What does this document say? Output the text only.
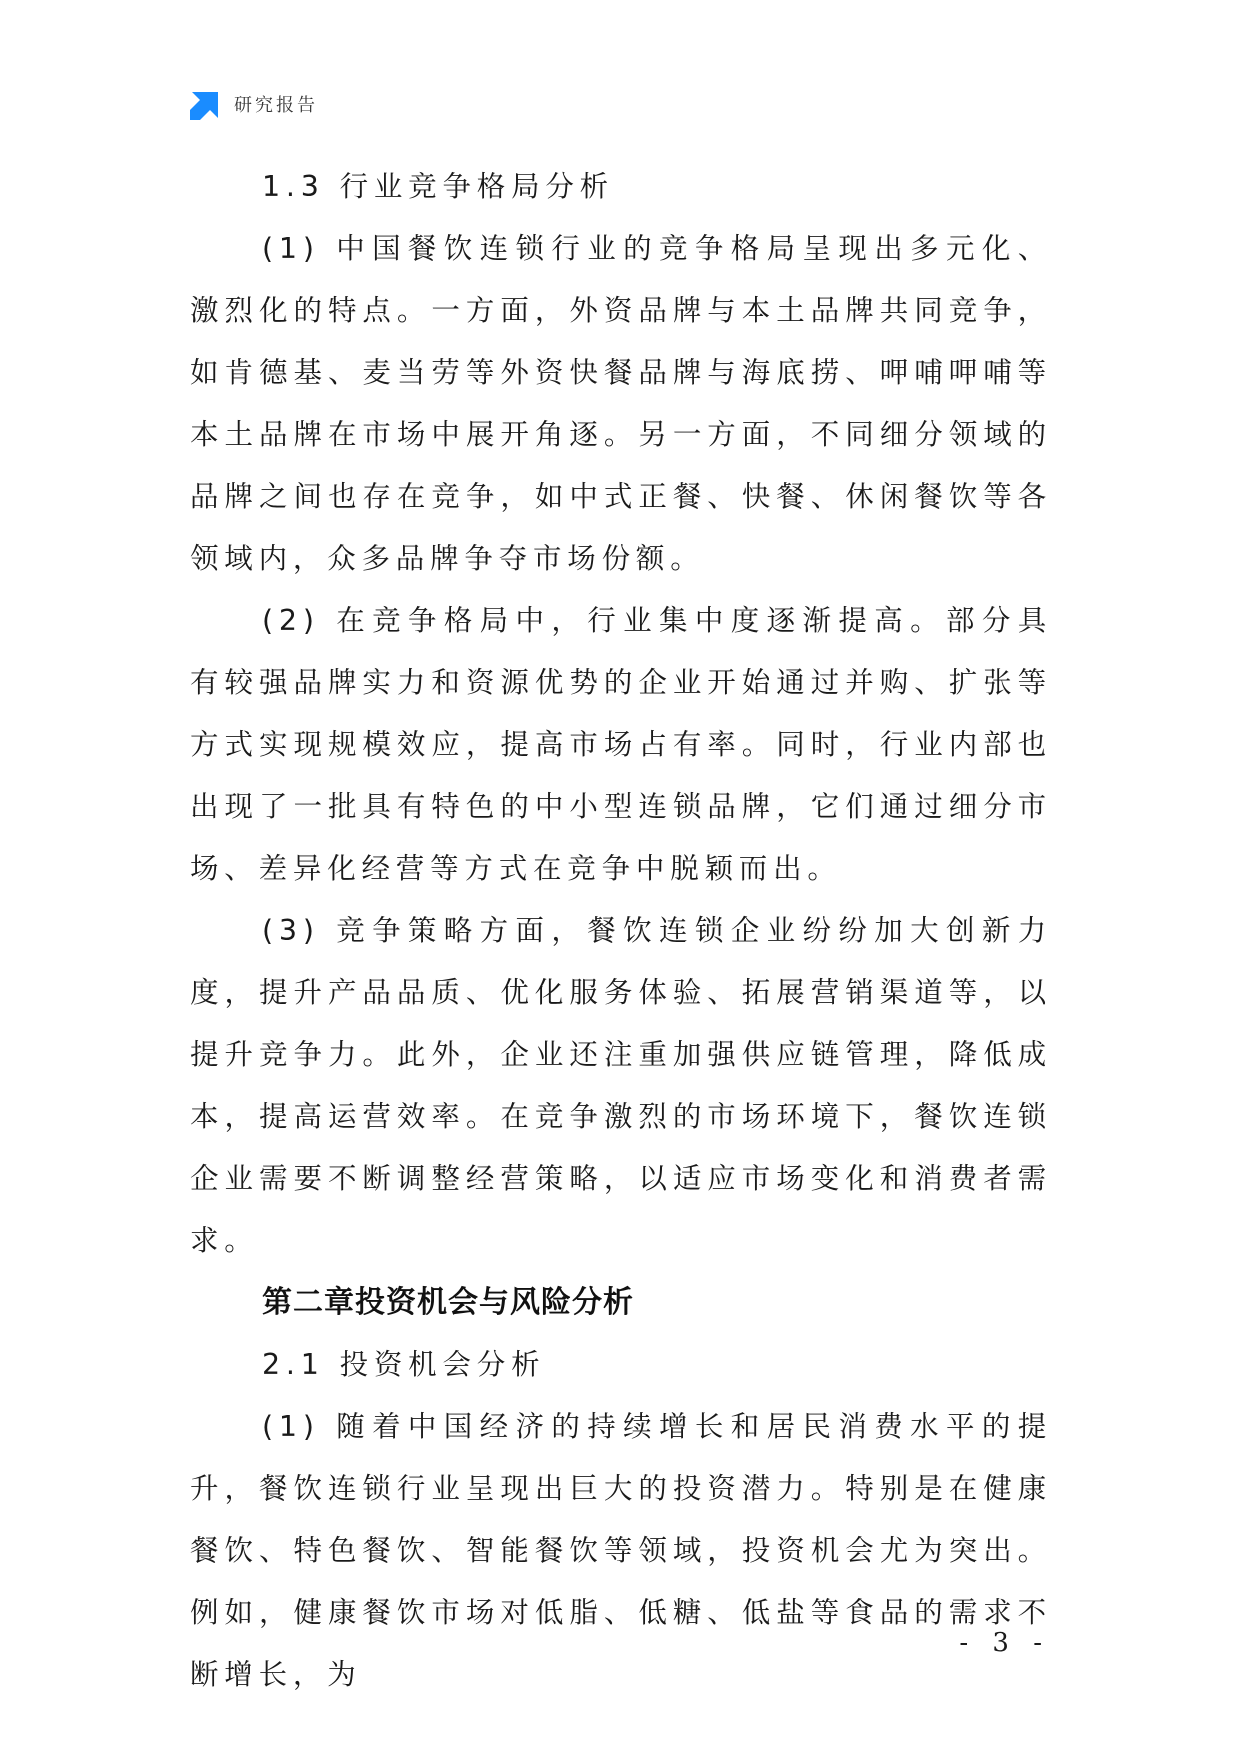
研究报告

1.3 行业竞争格局分析

(1) 中国餐饮连锁行业的竞争格局呈现出多元化、激烈化的特点。一方面，外资品牌与本土品牌共同竞争，如肯德基、麦当劳等外资快餐品牌与海底捞、呷哺呷哺等本土品牌在市场中展开角逐。另一方面，不同细分领域的品牌之间也存在竞争，如中式正餐、快餐、休闲餐饮等各领域内，众多品牌争夺市场份额。

(2) 在竞争格局中，行业集中度逐渐提高。部分具有较强品牌实力和资源优势的企业开始通过并购、扩张等方式实现规模效应，提高市场占有率。同时，行业内部也出现了一批具有特色的中小型连锁品牌，它们通过细分市场、差异化经营等方式在竞争中脱颖而出。

(3) 竞争策略方面，餐饮连锁企业纷纷加大创新力度，提升产品品质、优化服务体验、拓展营销渠道等，以提升竞争力。此外，企业还注重加强供应链管理，降低成本，提高运营效率。在竞争激烈的市场环境下，餐饮连锁企业需要不断调整经营策略，以适应市场变化和消费者需求。

第二章投资机会与风险分析

2.1 投资机会分析

(1) 随着中国经济的持续增长和居民消费水平的提升，餐饮连锁行业呈现出巨大的投资潜力。特别是在健康餐饮、特色餐饮、智能餐饮等领域，投资机会尤为突出。例如，健康餐饮市场对低脂、低糖、低盐等食品的需求不断增长，为

- 3 -
